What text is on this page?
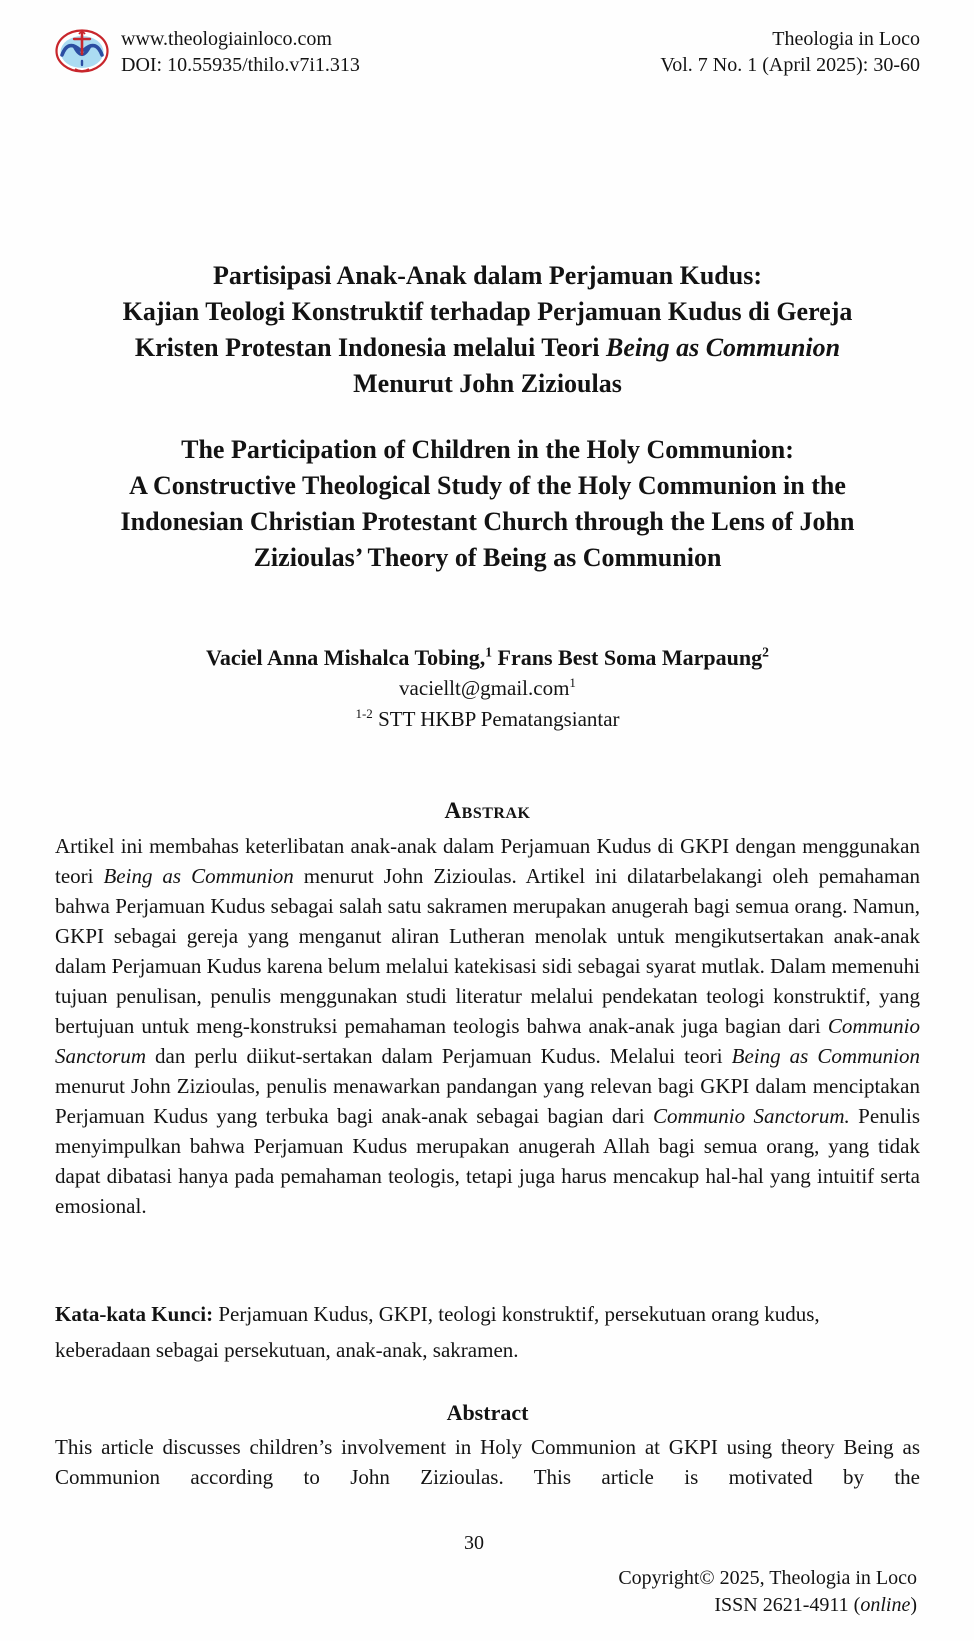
www.theologiainloco.com
DOI: 10.55935/thilo.v7i1.313
Theologia in Loco
Vol. 7 No. 1 (April 2025): 30-60
Partisipasi Anak-Anak dalam Perjamuan Kudus:
Kajian Teologi Konstruktif terhadap Perjamuan Kudus di Gereja
Kristen Protestan Indonesia melalui Teori Being as Communion
Menurut John Zizioulas
The Participation of Children in the Holy Communion:
A Constructive Theological Study of the Holy Communion in the
Indonesian Christian Protestant Church through the Lens of John
Zizioulas’ Theory of Being as Communion
Vaciel Anna Mishalca Tobing,$^1$ Frans Best Soma Marpaung$^2$
vaciellt@gmail.com$^1$
$^{1-2}$ STT HKBP Pematangsiantar
Abstrak
Artikel ini membahas keterlibatan anak-anak dalam Perjamuan Kudus di GKPI dengan menggunakan teori Being as Communion menurut John Zizioulas. Artikel ini dilatarbelakangi oleh pemahaman bahwa Perjamuan Kudus sebagai salah satu sakramen merupakan anugerah bagi semua orang. Namun, GKPI sebagai gereja yang menganut aliran Lutheran menolak untuk mengikutsertakan anak-anak dalam Perjamuan Kudus karena belum melalui katekisasi sidi sebagai syarat mutlak. Dalam memenuhi tujuan penulisan, penulis menggunakan studi literatur melalui pendekatan teologi konstruktif, yang bertujuan untuk meng-konstruksi pemahaman teologis bahwa anak-anak juga bagian dari Communio Sanctorum dan perlu diikut-sertakan dalam Perjamuan Kudus. Melalui teori Being as Communion menurut John Zizioulas, penulis menawarkan pandangan yang relevan bagi GKPI dalam menciptakan Perjamuan Kudus yang terbuka bagi anak-anak sebagai bagian dari Communio Sanctorum. Penulis menyimpulkan bahwa Perjamuan Kudus merupakan anugerah Allah bagi semua orang, yang tidak dapat dibatasi hanya pada pemahaman teologis, tetapi juga harus mencakup hal-hal yang intuitif serta emosional.
Kata-kata Kunci: Perjamuan Kudus, GKPI, teologi konstruktif, persekutuan orang kudus, keberadaan sebagai persekutuan, anak-anak, sakramen.
Abstract
This article discusses children’s involvement in Holy Communion at GKPI using theory Being as Communion according to John Zizioulas. This article is motivated by the
30
Copyright© 2025, Theologia in Loco
ISSN 2621-4911 (online)
